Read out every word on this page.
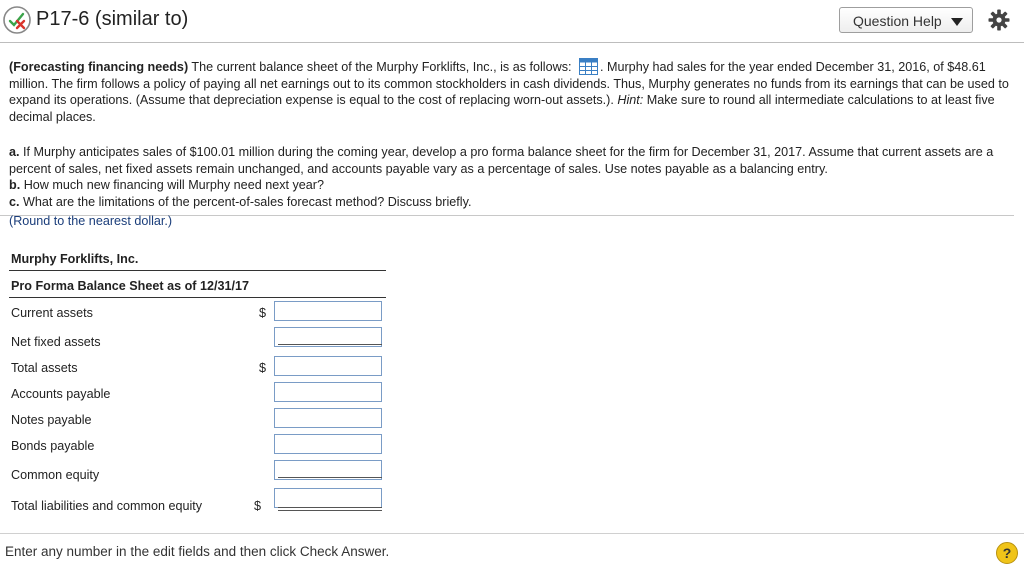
P17-6 (similar to)	Question Help

(Forecasting financing needs) The current balance sheet of the Murphy Forklifts, Inc., is as follows: . Murphy had sales for the year ended December 31, 2016, of $48.61 million. The firm follows a policy of paying all net earnings out to its common stockholders in cash dividends. Thus, Murphy generates no funds from its earnings that can be used to expand its operations. (Assume that depreciation expense is equal to the cost of replacing worn-out assets.). Hint: Make sure to round all intermediate calculations to at least five decimal places.

a. If Murphy anticipates sales of $100.01 million during the coming year, develop a pro forma balance sheet for the firm for December 31, 2017. Assume that current assets are a percent of sales, net fixed assets remain unchanged, and accounts payable vary as a percentage of sales. Use notes payable as a balancing entry.
b. How much new financing will Murphy need next year?
c. What are the limitations of the percent-of-sales forecast method? Discuss briefly.
(Round to the nearest dollar.)
Murphy Forklifts, Inc.
Pro Forma Balance Sheet as of 12/31/17
Current assets	$
Net fixed assets
Total assets	$
Accounts payable
Notes payable
Bonds payable
Common equity
Total liabilities and common equity	$
Enter any number in the edit fields and then click Check Answer.	?
